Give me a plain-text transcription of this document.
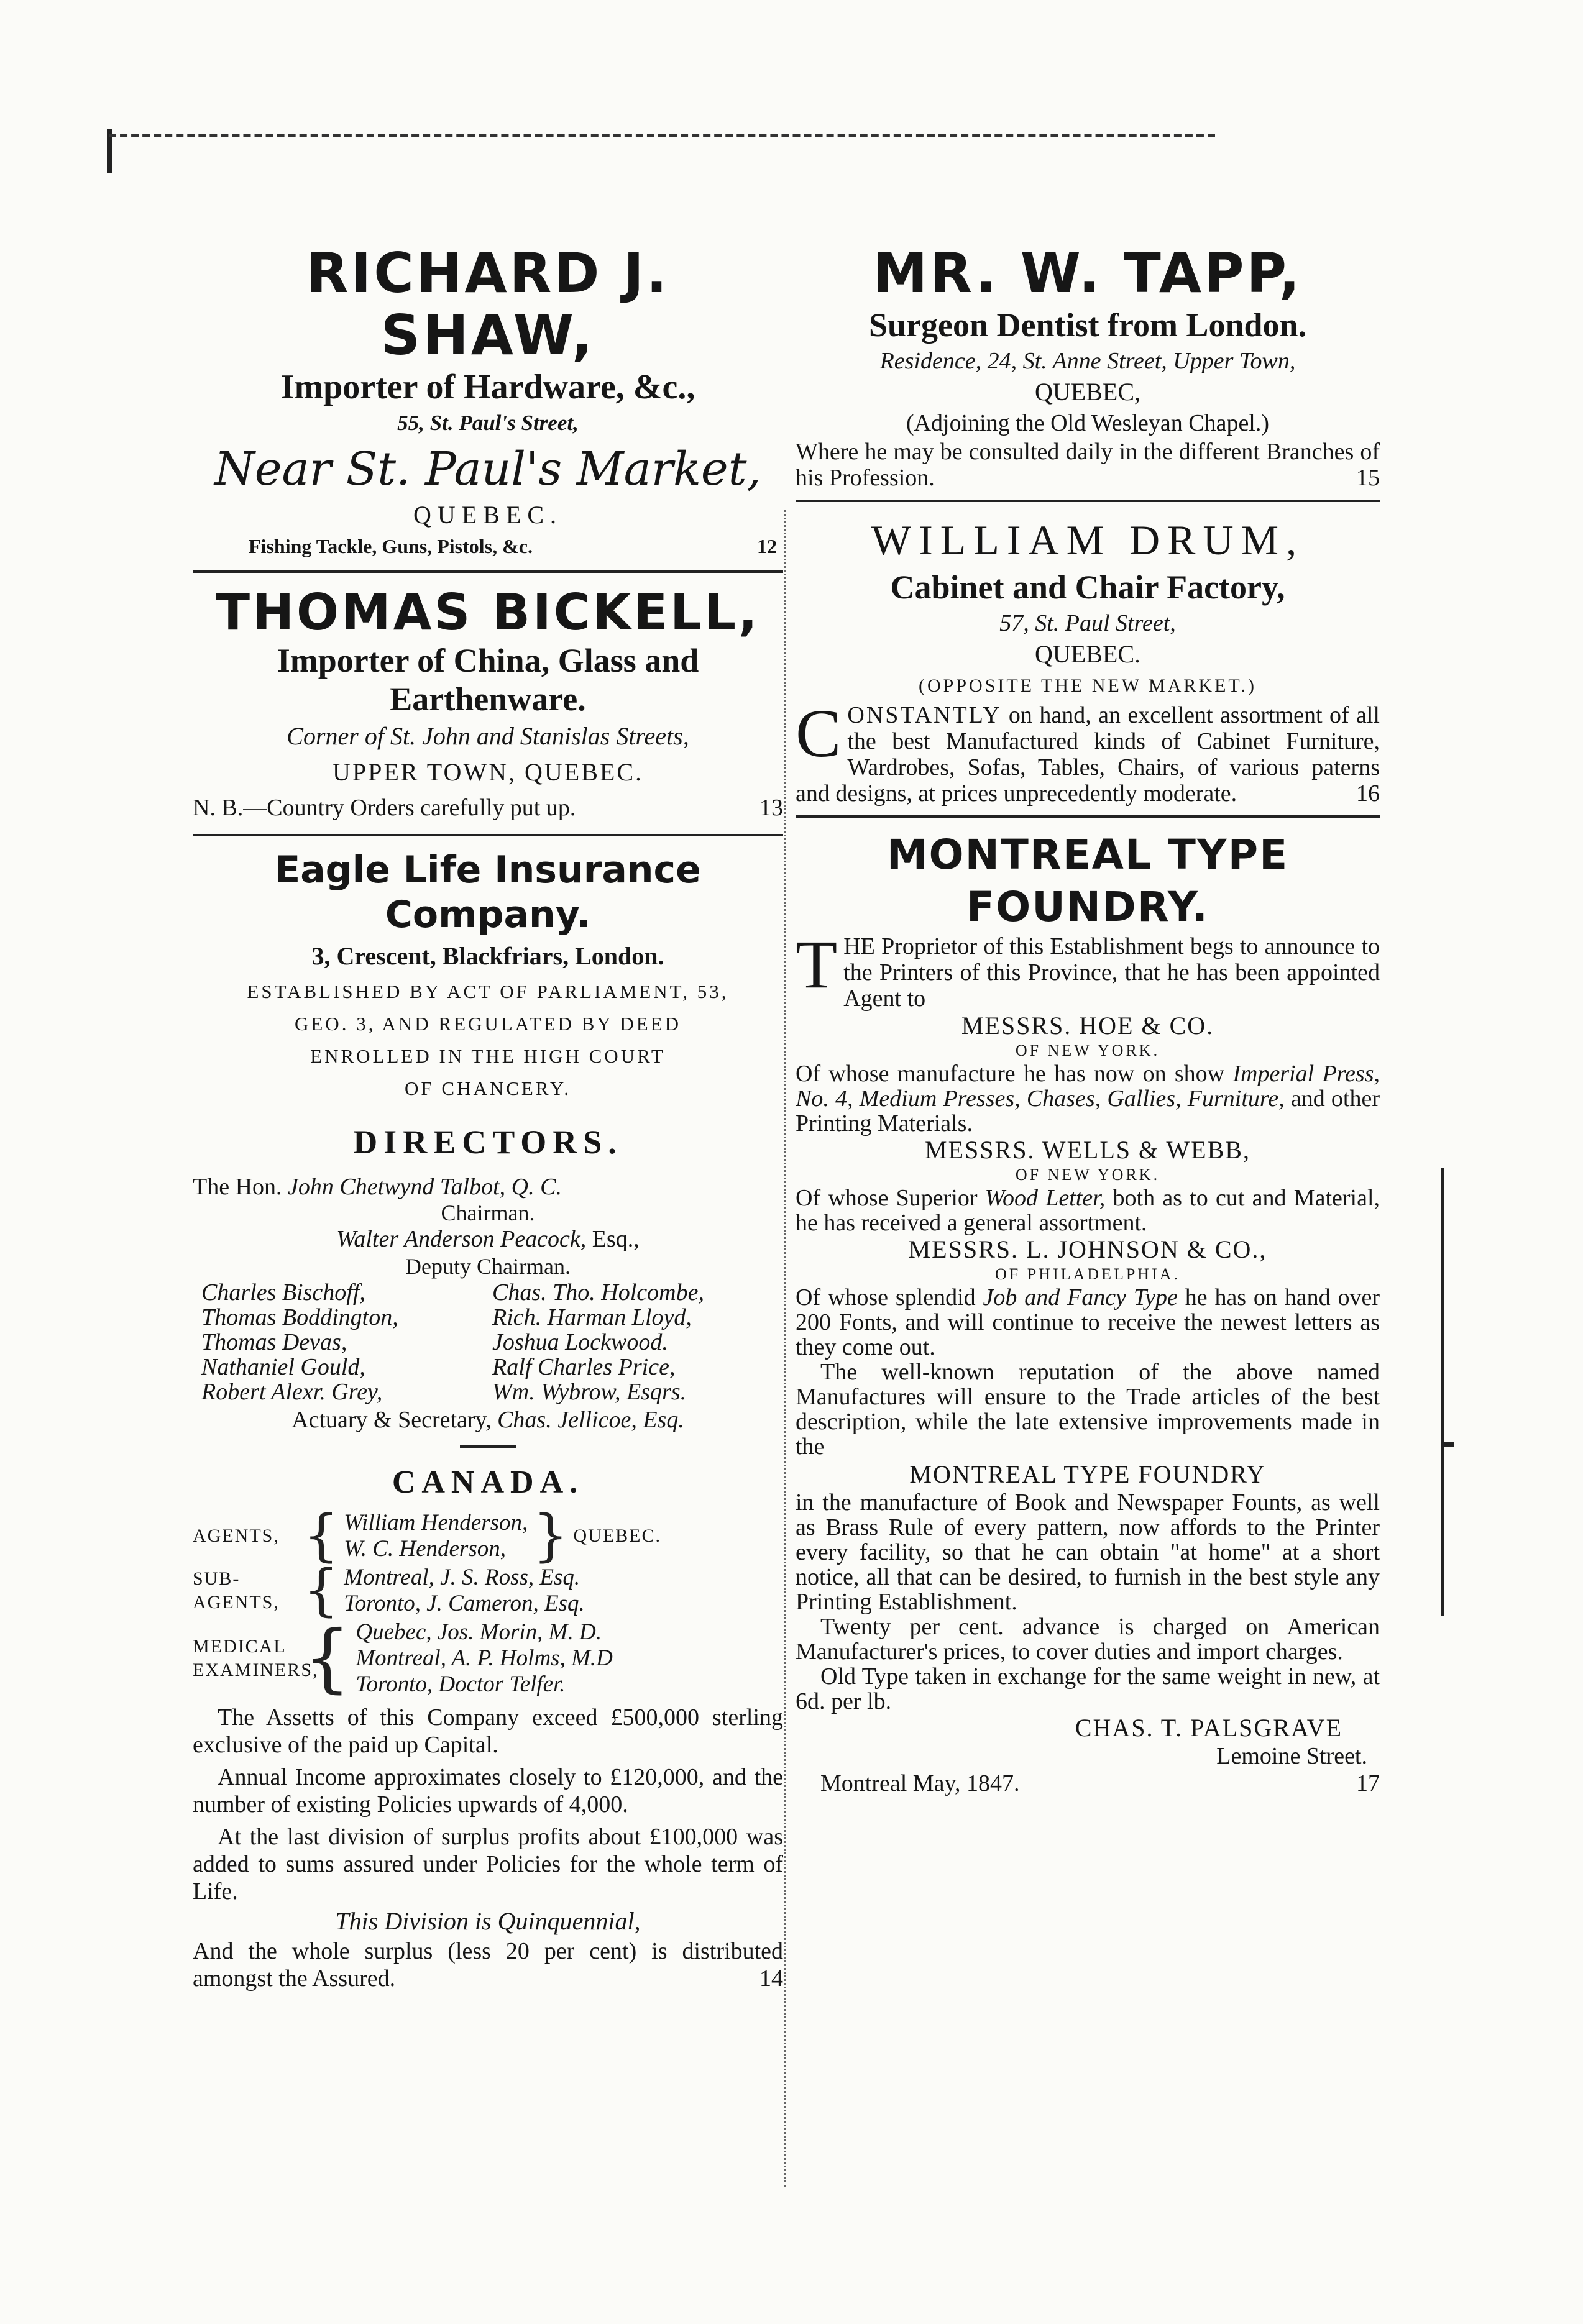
RICHARD J. SHAW,

Importer of Hardware, &c.,

55, St. Paul's Street,

Near St. Paul's Market,

QUEBEC.

Fishing Tackle, Guns, Pistols, &c.	12

THOMAS BICKELL,

Importer of China, Glass and

Earthenware.

Corner of St. John and Stanislas Streets,

UPPER TOWN, QUEBEC.

N. B.—Country Orders carefully put up.	13

Eagle Life Insurance Company.

3, Crescent, Blackfriars, London.

ESTABLISHED BY ACT OF PARLIAMENT, 53,

GEO. 3, AND REGULATED BY DEED

ENROLLED IN THE HIGH COURT

OF CHANCERY.

DIRECTORS.

The Hon. John Chetwynd Talbot, Q. C.

Chairman.

Walter Anderson Peacock, Esq.,

Deputy Chairman.

Charles Bischoff,	Chas. Tho. Holcombe,
Thomas Boddington,	Rich. Harman Lloyd,
Thomas Devas,	Joshua Lockwood.
Nathaniel Gould,	Ralf Charles Price,
Robert Alexr. Grey,	Wm. Wybrow, Esqrs.

Actuary & Secretary, Chas. Jellicoe, Esq.

CANADA.

AGENTS, { William Henderson,
W. C. Henderson, } QUEBEC.
SUB-
AGENTS, { Montreal, J. S. Ross, Esq.
Toronto, J. Cameron, Esq.
MEDICAL
EXAMINERS,
{ Quebec, Jos. Morin, M. D.
Montreal, A. P. Holms, M.D
Toronto, Doctor Telfer.

The Assetts of this Company exceed £500,000 sterling exclusive of the paid up Capital.

Annual Income approximates closely to £120,000, and the number of existing Policies upwards of 4,000.

At the last division of surplus profits about £100,000 was added to sums assured under Policies for the whole term of Life.

This Division is Quinquennial,

And the whole surplus (less 20 per cent) is distributed amongst the Assured.	14

MR. W. TAPP,

Surgeon Dentist from London.

Residence, 24, St. Anne Street, Upper Town,

QUEBEC,

(Adjoining the Old Wesleyan Chapel.)

Where he may be consulted daily in the different Branches of his Profession.	15

WILLIAM DRUM,

Cabinet and Chair Factory,

57, St. Paul Street,

QUEBEC.

(OPPOSITE THE NEW MARKET.)

CONSTANTLY on hand, an excellent assortment of all the best Manufactured kinds of Cabinet Furniture, Wardrobes, Sofas, Tables, Chairs, of various paterns and designs, at prices unprecedently moderate.	16

MONTREAL TYPE FOUNDRY.

THE Proprietor of this Establishment begs to announce to the Printers of this Province, that he has been appointed Agent to

MESSRS. HOE & CO.

OF NEW YORK.

Of whose manufacture he has now on show Imperial Press, No. 4, Medium Presses, Chases, Gallies, Furniture, and other Printing Materials.

MESSRS. WELLS & WEBB,

OF NEW YORK.

Of whose Superior Wood Letter, both as to cut and Material, he has received a general assortment.

MESSRS. L. JOHNSON & CO.,

OF PHILADELPHIA.

Of whose splendid Job and Fancy Type he has on hand over 200 Fonts, and will continue to receive the newest letters as they come out.

The well-known reputation of the above named Manufactures will ensure to the Trade articles of the best description, while the late extensive improvements made in the

MONTREAL TYPE FOUNDRY

in the manufacture of Book and Newspaper Founts, as well as Brass Rule of every pattern, now affords to the Printer every facility, so that he can obtain "at home" at a short notice, all that can be desired, to furnish in the best style any Printing Establishment.

Twenty per cent. advance is charged on American Manufacturer's prices, to cover duties and import charges.

Old Type taken in exchange for the same weight in new, at 6d. per lb.

CHAS. T. PALSGRAVE

Lemoine Street.

Montreal May, 1847.	17
